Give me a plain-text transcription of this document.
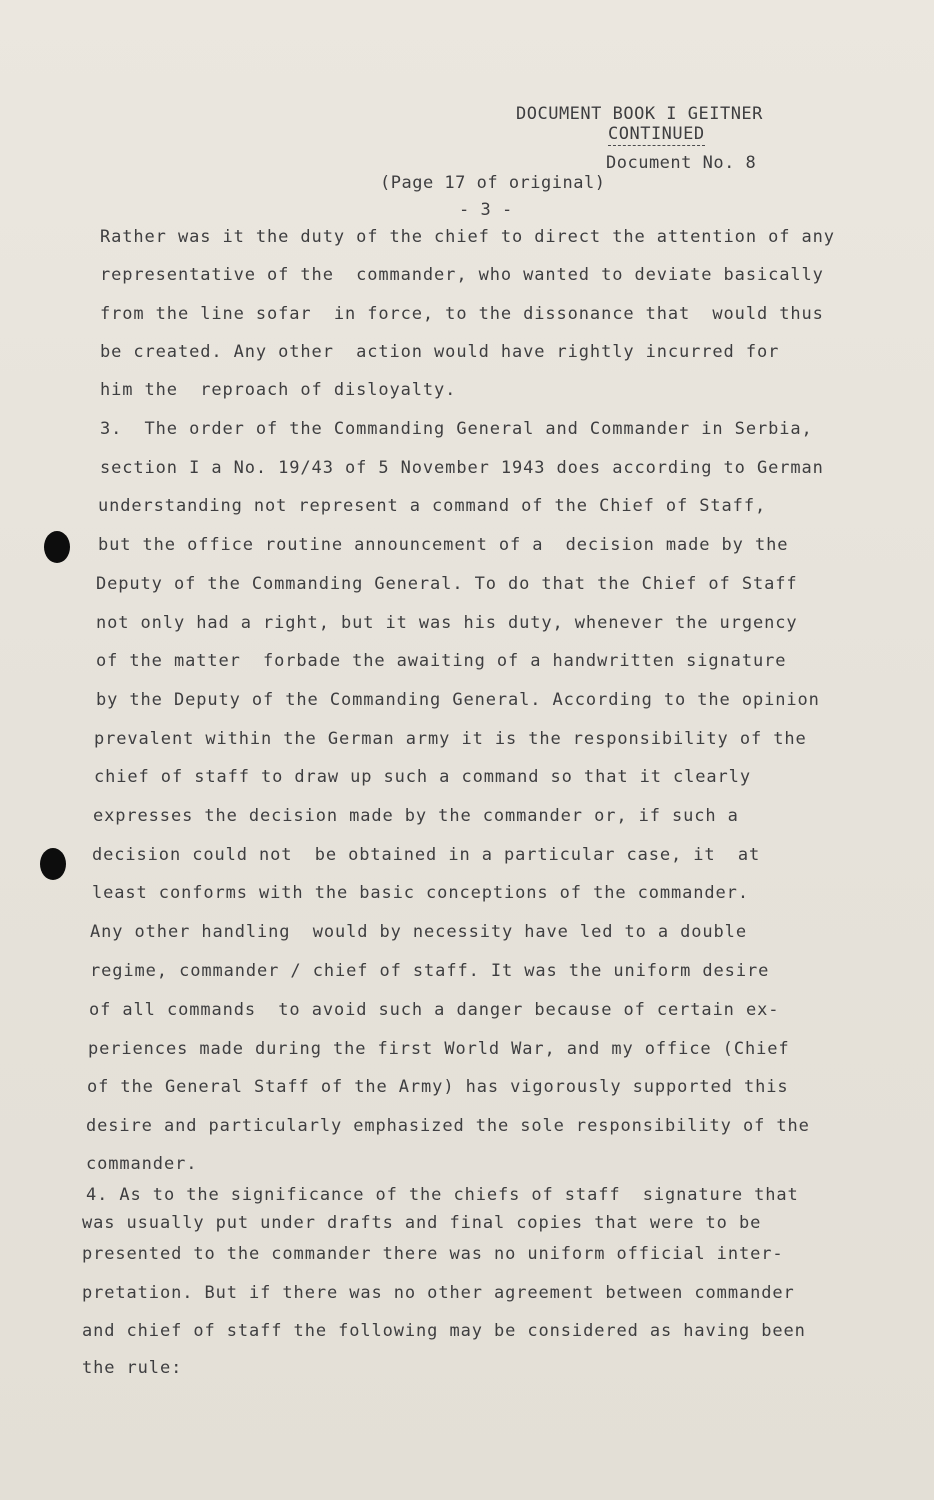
DOCUMENT BOOK I GEITNER
CONTINUED
Document No. 8
(Page 17 of original)
- 3 -
Rather was it the duty of the chief to direct the attention of any
representative of the  commander, who wanted to deviate basically
from the line sofar  in force, to the dissonance that  would thus
be created. Any other  action would have rightly incurred for
him the  reproach of disloyalty.
3.  The order of the Commanding General and Commander in Serbia,
section I a No. 19/43 of 5 November 1943 does according to German
understanding not represent a command of the Chief of Staff,
but the office routine announcement of a  decision made by the
Deputy of the Commanding General. To do that the Chief of Staff
not only had a right, but it was his duty, whenever the urgency
of the matter  forbade the awaiting of a handwritten signature
by the Deputy of the Commanding General. According to the opinion
prevalent within the German army it is the responsibility of the
chief of staff to draw up such a command so that it clearly
expresses the decision made by the commander or, if such a
decision could not  be obtained in a particular case, it  at
least conforms with the basic conceptions of the commander.
Any other handling  would by necessity have led to a double
regime, commander / chief of staff. It was the uniform desire
of all commands  to avoid such a danger because of certain ex-
periences made during the first World War, and my office (Chief
of the General Staff of the Army) has vigorously supported this
desire and particularly emphasized the sole responsibility of the
commander.
4. As to the significance of the chiefs of staff  signature that
was usually put under drafts and final copies that were to be
presented to the commander there was no uniform official inter-
pretation. But if there was no other agreement between commander
and chief of staff the following may be considered as having been
the rule:
